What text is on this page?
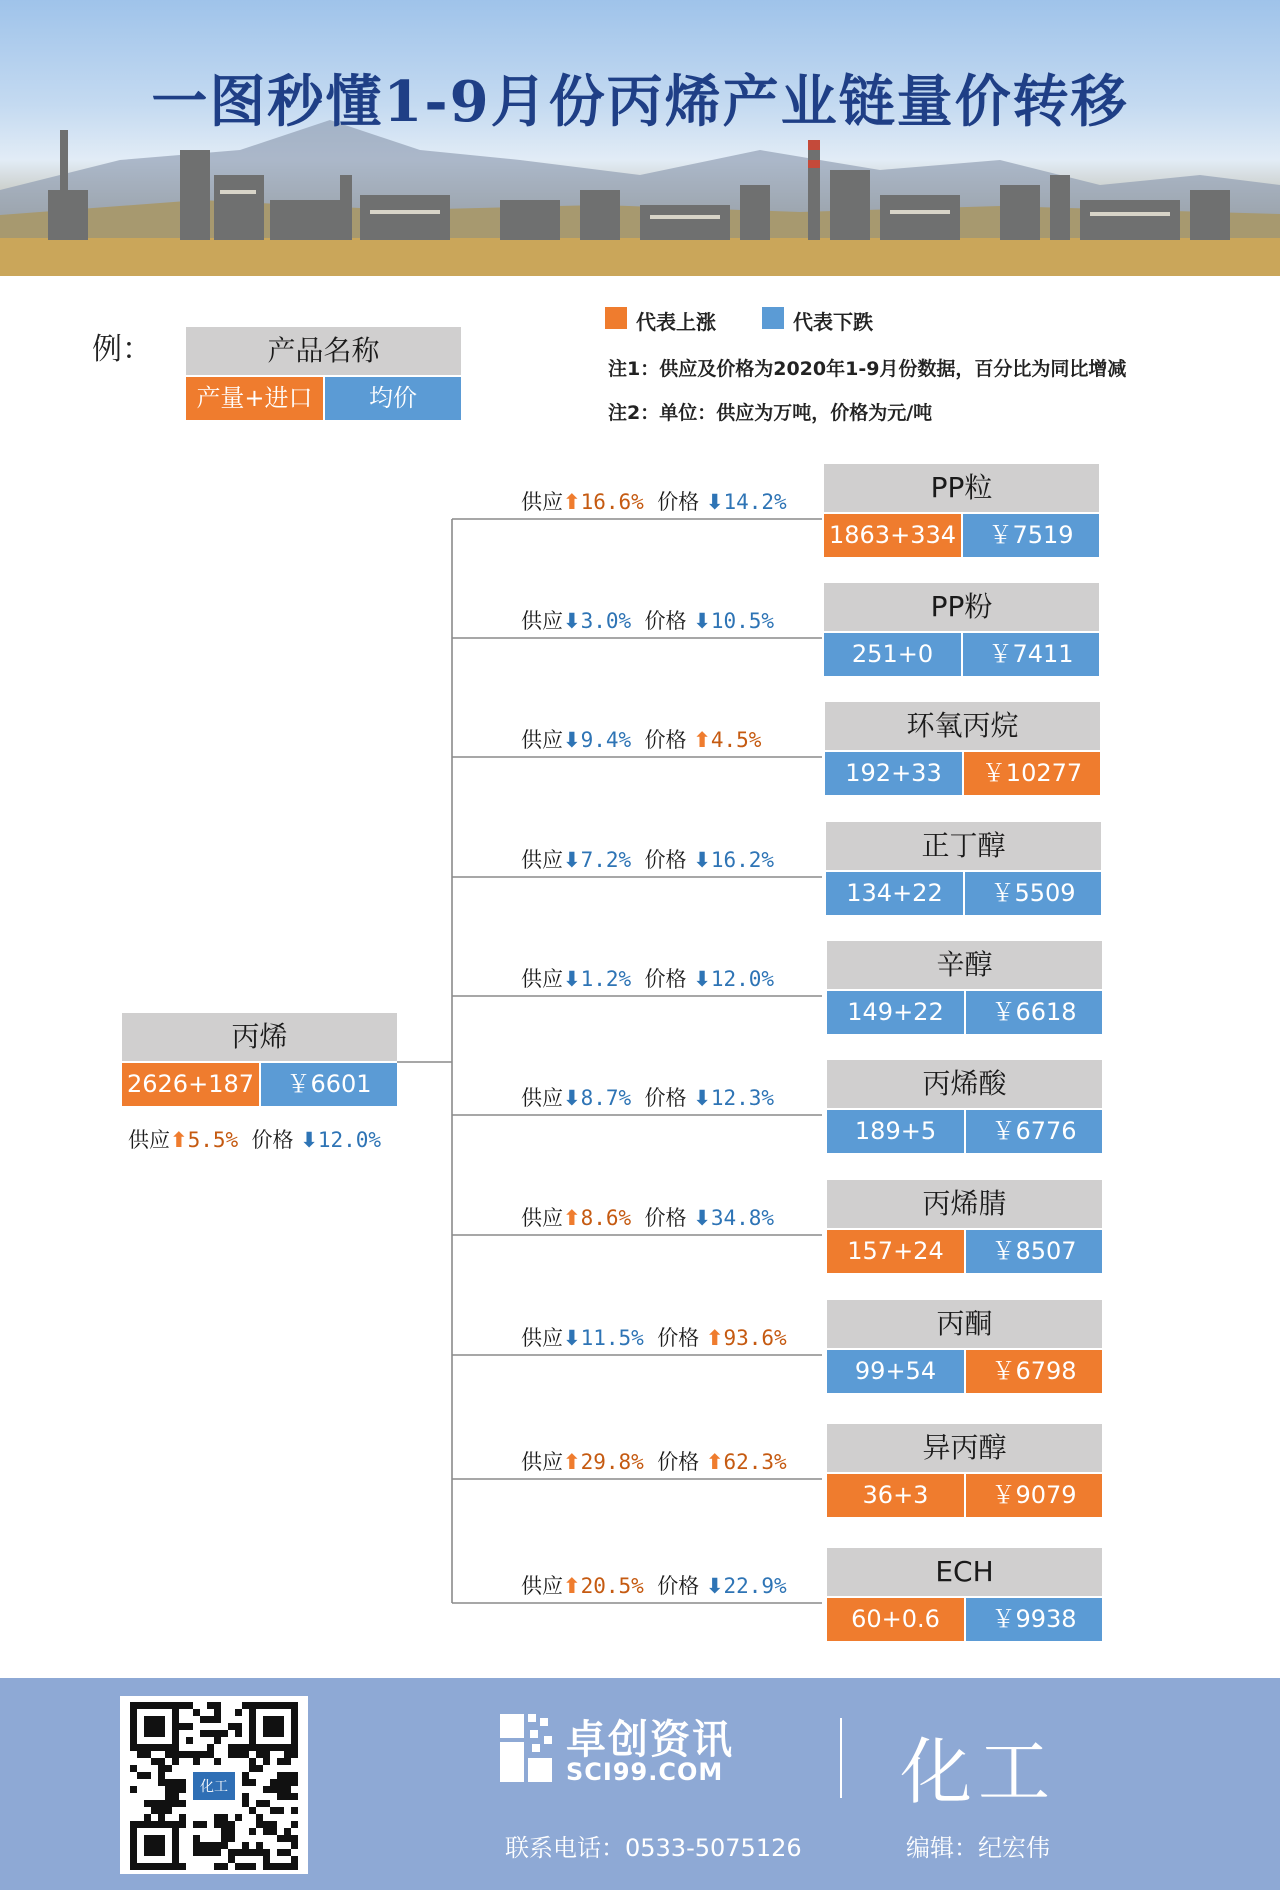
一图秒懂1-9月份丙烯产业链量价转移
例：	产品名称
产量+进口	均价
代表上涨	代表下跌
注1：供应及价格为2020年1-9月份数据，百分比为同比增减
注2：单位：供应为万吨，价格为元/吨
丙烯
2626+187	￥6601
供应⬆5.5% 价格 ⬇12.0%
PP粒
1863+334	￥7519
供应⬆16.6% 价格 ⬇14.2%
PP粉
251+0	￥7411
供应⬇3.0% 价格 ⬇10.5%
环氧丙烷
192+33	￥10277
供应⬇9.4% 价格 ⬆4.5%
正丁醇
134+22	￥5509
供应⬇7.2% 价格 ⬇16.2%
辛醇
149+22	￥6618
供应⬇1.2% 价格 ⬇12.0%
丙烯酸
189+5	￥6776
供应⬇8.7% 价格 ⬇12.3%
丙烯腈
157+24	￥8507
供应⬆8.6% 价格 ⬇34.8%
丙酮
99+54	￥6798
供应⬇11.5% 价格 ⬆93.6%
异丙醇
36+3	￥9079
供应⬆29.8% 价格 ⬆62.3%
ECH
60+0.6	￥9938
供应⬆20.5% 价格 ⬇22.9%
化工
卓创资讯
SCI99.COM 化工
联系电话：0533-5075126	编辑：纪宏伟
